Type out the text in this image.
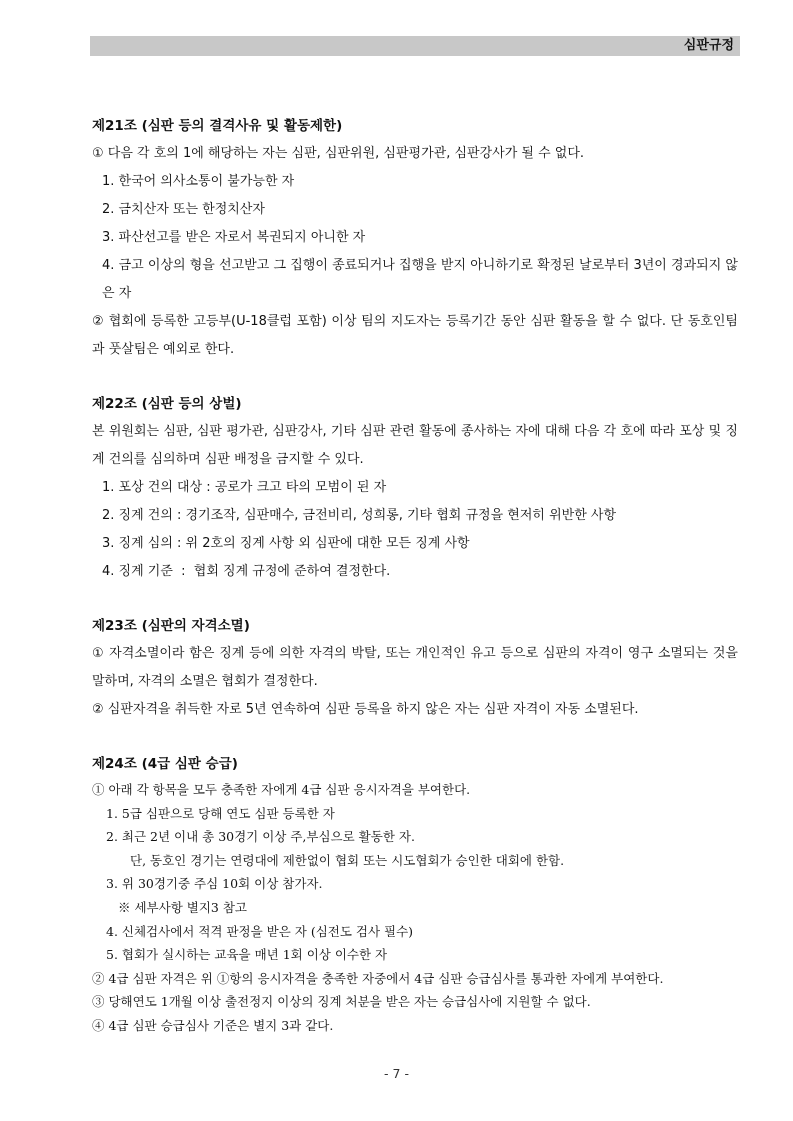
심판규정
제21조 (심판 등의 결격사유 및 활동제한)
① 다음 각 호의 1에 해당하는 자는 심판, 심판위원, 심판평가관, 심판강사가 될 수 없다.
1. 한국어 의사소통이 불가능한 자
2. 금치산자 또는 한정치산자
3. 파산선고를 받은 자로서 복권되지 아니한 자
4. 금고 이상의 형을 선고받고 그 집행이 종료되거나 집행을 받지 아니하기로 확정된 날로부터 3년이 경과되지 않은 자
② 협회에 등록한 고등부(U-18클럽 포함) 이상 팀의 지도자는 등록기간 동안 심판 활동을 할 수 없다. 단 동호인팀과 풋살팀은 예외로 한다.
제22조 (심판 등의 상벌)
본 위원회는 심판, 심판 평가관, 심판강사, 기타 심판 관련 활동에 종사하는 자에 대해 다음 각 호에 따라 포상 및 징계 건의를 심의하며 심판 배정을 금지할 수 있다.
1. 포상 건의 대상 : 공로가 크고 타의 모범이 된 자
2. 징계 건의 : 경기조작, 심판매수, 금전비리, 성희롱, 기타 협회 규정을 현저히 위반한 사항
3. 징계 심의 : 위 2호의 징계 사항 외 심판에 대한 모든 징계 사항
4. 징계 기준  :  협회 징계 규정에 준하여 결정한다.
제23조 (심판의 자격소멸)
① 자격소멸이라 함은 징계 등에 의한 자격의 박탈, 또는 개인적인 유고 등으로 심판의 자격이 영구 소멸되는 것을 말하며, 자격의 소멸은 협회가 결정한다.
② 심판자격을 취득한 자로 5년 연속하여 심판 등록을 하지 않은 자는 심판 자격이 자동 소멸된다.
제24조 (4급 심판 승급)
① 아래 각 항목을 모두 충족한 자에게 4급 심판 응시자격을 부여한다.
1. 5급 심판으로 당해 연도 심판 등록한 자
2. 최근 2년 이내 총 30경기 이상 주,부심으로 활동한 자.
단, 동호인 경기는 연령대에 제한없이 협회 또는 시도협회가 승인한 대회에 한함.
3. 위 30경기중 주심 10회 이상 참가자.
※ 세부사항 별지3 참고
4. 신체검사에서 적격 판정을 받은 자 (심전도 검사 필수)
5. 협회가 실시하는 교육을 매년 1회 이상 이수한 자
② 4급 심판 자격은 위 ①항의 응시자격을 충족한 자중에서 4급 심판 승급심사를 통과한 자에게 부여한다.
③ 당해연도 1개월 이상 출전정지 이상의 징계 처분을 받은 자는 승급심사에 지원할 수 없다.
④ 4급 심판 승급심사 기준은 별지 3과 같다.
- 7 -
